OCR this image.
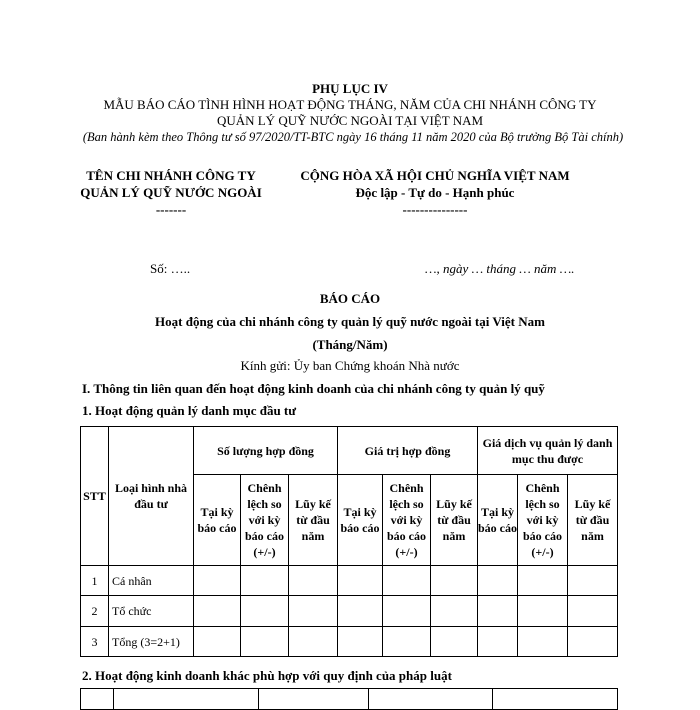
PHỤ LỤC IV
MẪU BÁO CÁO TÌNH HÌNH HOẠT ĐỘNG THÁNG, NĂM CỦA CHI NHÁNH CÔNG TY
QUẢN LÝ QUỸ NƯỚC NGOÀI TẠI VIỆT NAM
(Ban hành kèm theo Thông tư số 97/2020/TT-BTC ngày 16 tháng 11 năm 2020 của Bộ trưởng Bộ Tài chính)
TÊN CHI NHÁNH CÔNG TY QUẢN LÝ QUỸ NƯỚC NGOÀI
-------
CỘNG HÒA XÃ HỘI CHỦ NGHĨA VIỆT NAM
Độc lập - Tự do - Hạnh phúc
---------------
Số: …..	…, ngày … tháng … năm ….
BÁO CÁO
Hoạt động của chi nhánh công ty quản lý quỹ nước ngoài tại Việt Nam
(Tháng/Năm)
Kính gửi: Ủy ban Chứng khoán Nhà nước
I. Thông tin liên quan đến hoạt động kinh doanh của chi nhánh công ty quản lý quỹ
1. Hoạt động quản lý danh mục đầu tư
STT	Loại hình nhà đầu tư	Số lượng hợp đồng			Giá trị hợp đồng			Giá dịch vụ quản lý danh mục thu được		
		Tại kỳ báo cáo	Chênh lệch so với kỳ báo cáo (+/-)	Lũy kế từ đầu năm	Tại kỳ báo cáo	Chênh lệch so với kỳ báo cáo (+/-)	Lũy kế từ đầu năm	Tại kỳ báo cáo	Chênh lệch so với kỳ báo cáo (+/-)	Lũy kế từ đầu năm
1	Cá nhân									
2	Tổ chức									
3	Tổng (3=2+1)									
2. Hoạt động kinh doanh khác phù hợp với quy định của pháp luật
